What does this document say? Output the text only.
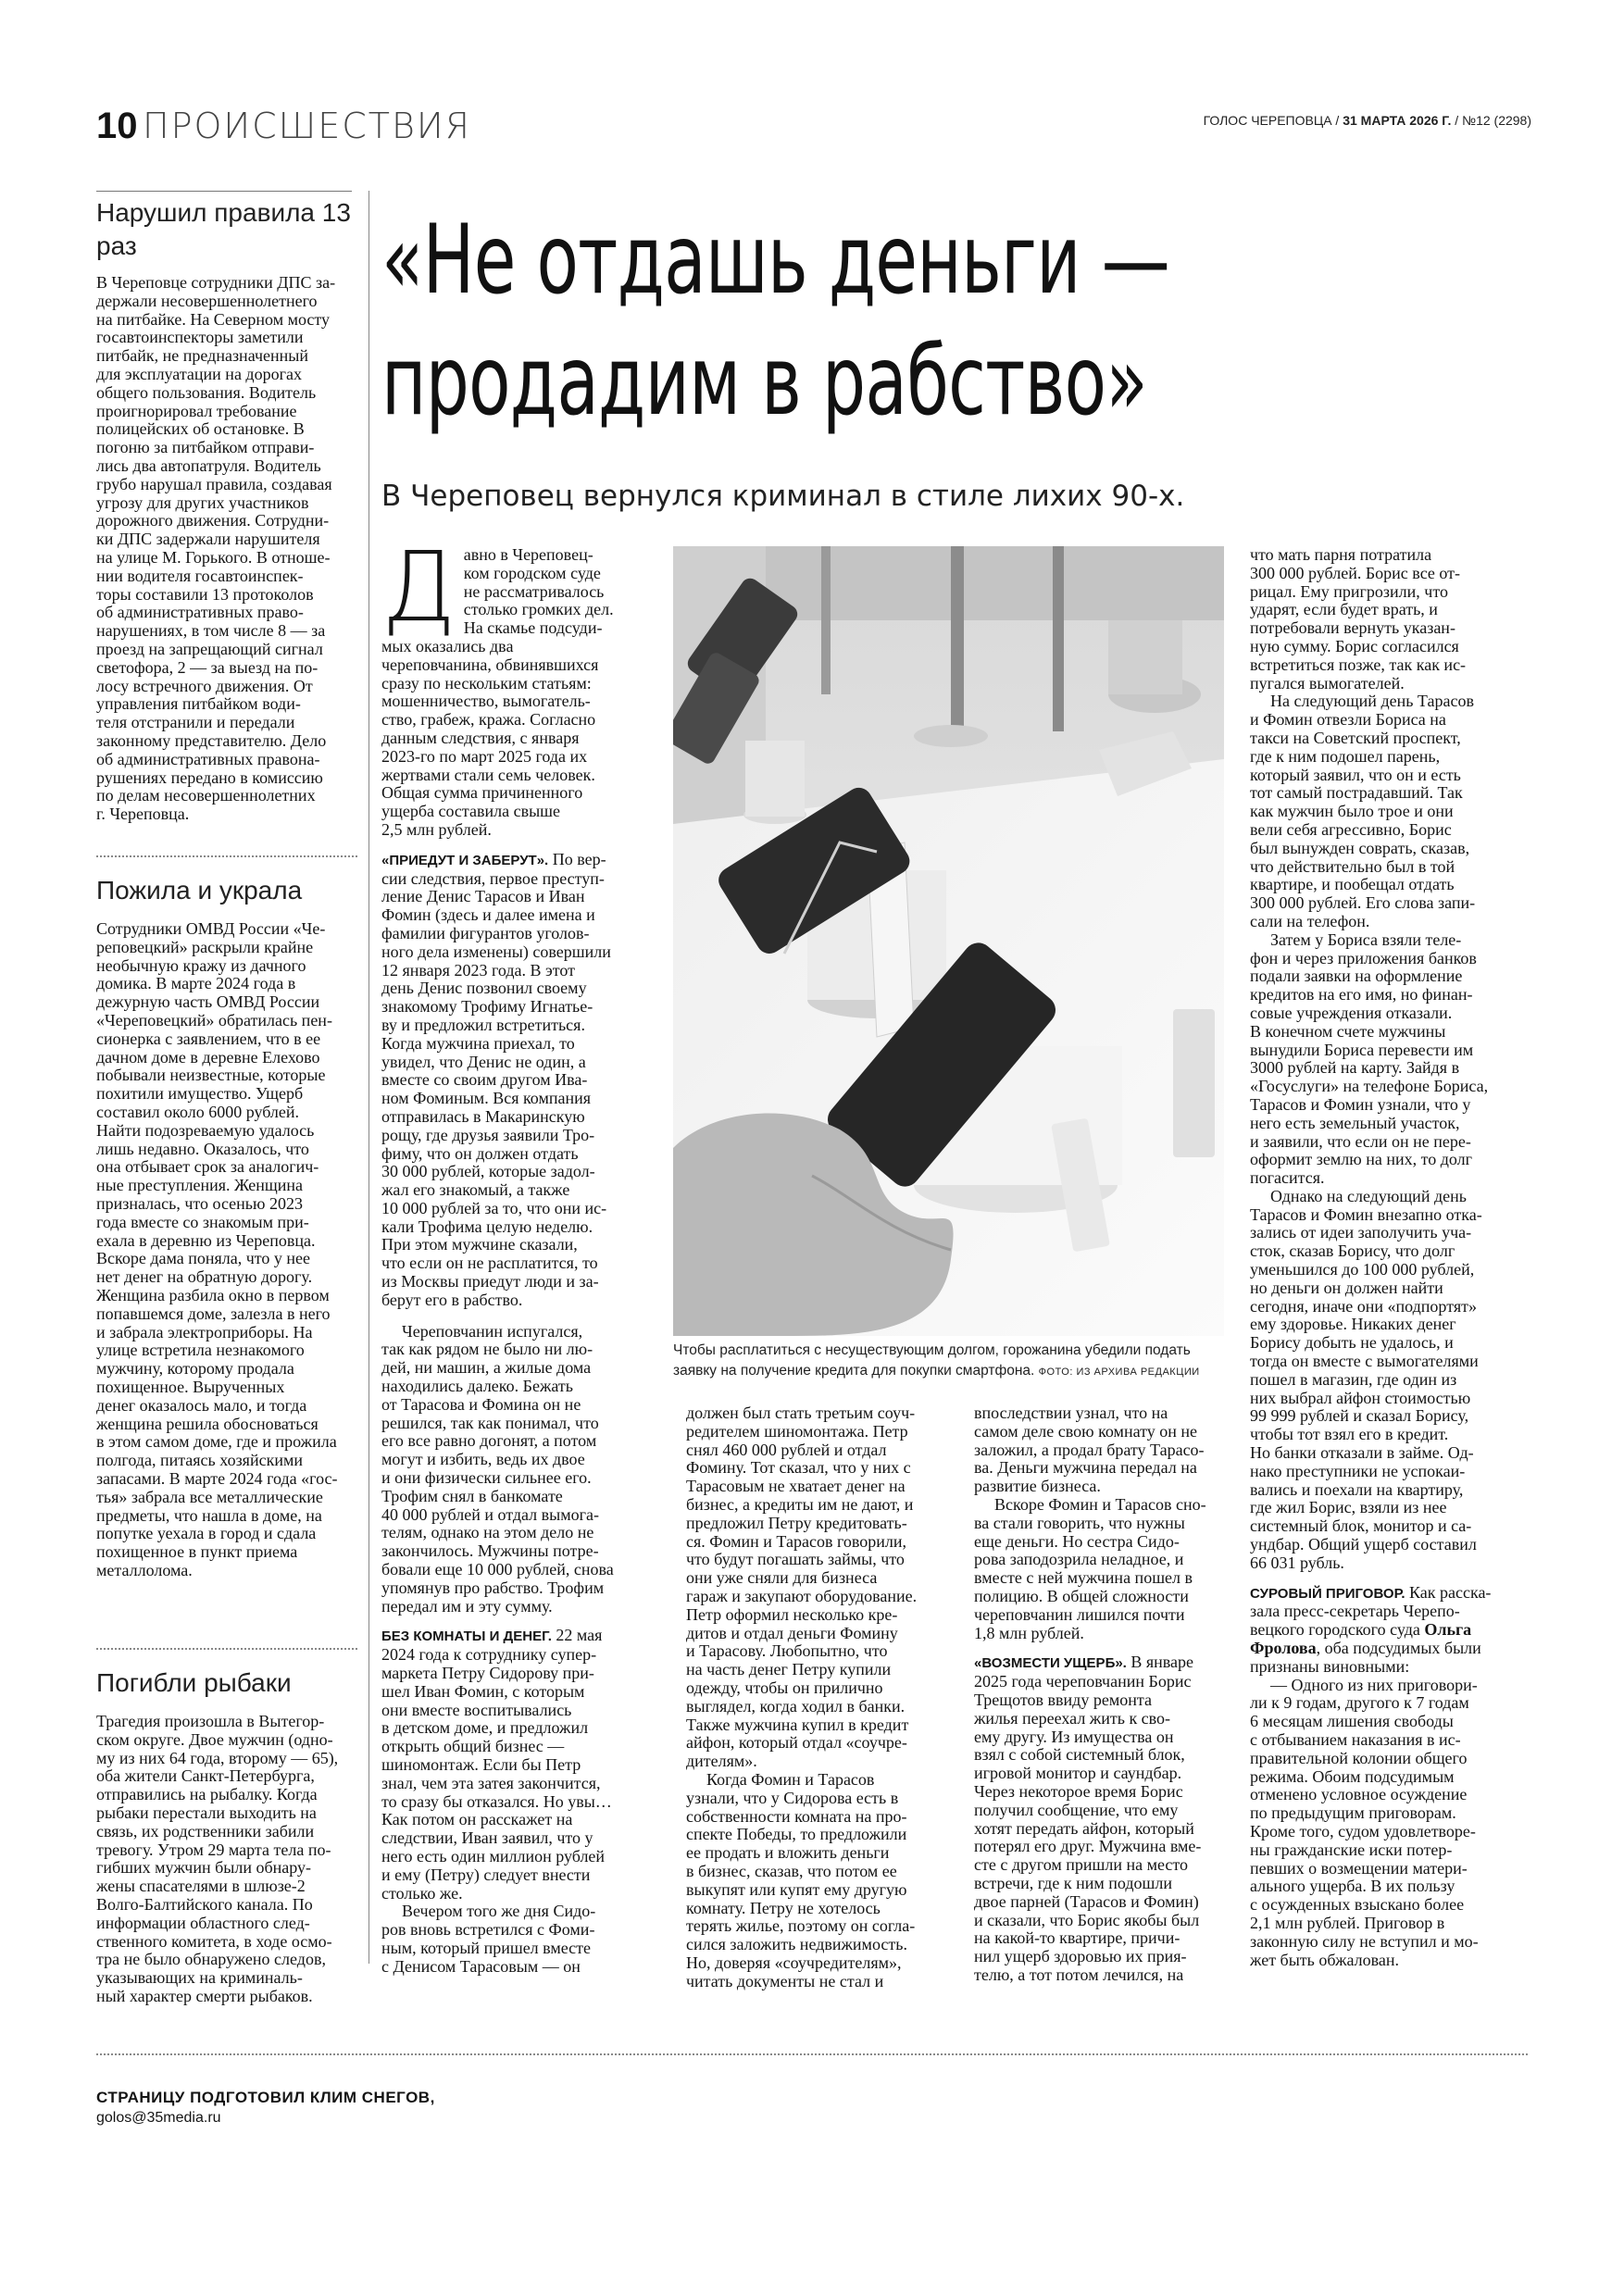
10 ПРОИСШЕСТВИЯ	ГОЛОС ЧЕРЕПОВЦА / 31 МАРТА 2026 Г. / №12 (2298)
Нарушил правила 13 раз
В Череповце сотрудники ДПС за-
держали несовершеннолетнего
на питбайке. На Северном мосту
госавтоинспекторы заметили
питбайк, не предназначенный
для эксплуатации на дорогах
общего пользования. Водитель
проигнорировал требование
полицейских об остановке. В
погоню за питбайком отправи-
лись два автопатруля. Водитель
грубо нарушал правила, создавая
угрозу для других участников
дорожного движения. Сотрудни-
ки ДПС задержали нарушителя
на улице М. Горького. В отноше-
нии водителя госавтоинспек-
торы составили 13 протоколов
об административных право-
нарушениях, в том числе 8 — за
проезд на запрещающий сигнал
светофора, 2 — за выезд на по-
лосу встречного движения. От
управления питбайком води-
теля отстранили и передали
законному представителю. Дело
об административных правона-
рушениях передано в комиссию
по делам несовершеннолетних
г. Череповца.
Пожила и украла
Сотрудники ОМВД России «Че-
реповецкий» раскрыли крайне
необычную кражу из дачного
домика. В марте 2024 года в
дежурную часть ОМВД России
«Череповецкий» обратилась пен-
сионерка с заявлением, что в ее
дачном доме в деревне Елехово
побывали неизвестные, которые
похитили имущество. Ущерб
составил около 6000 рублей.
Найти подозреваемую удалось
лишь недавно. Оказалось, что
она отбывает срок за аналогич-
ные преступления. Женщина
призналась, что осенью 2023
года вместе со знакомым при-
ехала в деревню из Череповца.
Вскоре дама поняла, что у нее
нет денег на обратную дорогу.
Женщина разбила окно в первом
попавшемся доме, залезла в него
и забрала электроприборы. На
улице встретила незнакомого
мужчину, которому продала
похищенное. Вырученных
денег оказалось мало, и тогда
женщина решила обосноваться
в этом самом доме, где и прожила
полгода, питаясь хозяйскими
запасами. В марте 2024 года «гос-
тья» забрала все металлические
предметы, что нашла в доме, на
попутке уехала в город и сдала
похищенное в пункт приема
металлолома.
Погибли рыбаки
Трагедия произошла в Вытегор-
ском округе. Двое мужчин (одно-
му из них 64 года, второму — 65),
оба жители Санкт-Петербурга,
отправились на рыбалку. Когда
рыбаки перестали выходить на
связь, их родственники забили
тревогу. Утром 29 марта тела по-
гибших мужчин были обнару-
жены спасателями в шлюзе-2
Волго-Балтийского канала. По
информации областного след-
ственного комитета, в ходе осмо-
тра не было обнаружено следов,
указывающих на криминаль-
ный характер смерти рыбаков.
«Не отдашь деньги —
продадим в рабство»
В Череповец вернулся криминал в стиле лихих 90-х.
Д авно в Череповец-
ком городском суде
не рассматривалось
столько громких дел.
На скамье подсуди-
мых оказались два
череповчанина, обвинявшихся
сразу по нескольким статьям:
мошенничество, вымогатель-
ство, грабеж, кража. Согласно
данным следствия, с января
2023-го по март 2025 года их
жертвами стали семь человек.
Общая сумма причиненного
ущерба составила свыше
2,5 млн рублей.

«ПРИЕДУТ И ЗАБЕРУТ». По вер-
сии следствия, первое преступ-
ление Денис Тарасов и Иван
Фомин (здесь и далее имена и
фамилии фигурантов уголов-
ного дела изменены) совершили
12 января 2023 года. В этот
день Денис позвонил своему
знакомому Трофиму Игнатье-
ву и предложил встретиться.
Когда мужчина приехал, то
увидел, что Денис не один, а
вместе со своим другом Ива-
ном Фоминым. Вся компания
отправилась в Макаринскую
рощу, где друзья заявили Тро-
фиму, что он должен отдать
30 000 рублей, которые задол-
жал его знакомый, а также
10 000 рублей за то, что они ис-
кали Трофима целую неделю.
При этом мужчине сказали,
что если он не расплатится, то
из Москвы приедут люди и за-
берут его в рабство.

Череповчанин испугался,
так как рядом не было ни лю-
дей, ни машин, а жилые дома
находились далеко. Бежать
от Тарасова и Фомина он не
решился, так как понимал, что
его все равно догонят, а потом
могут и избить, ведь их двое
и они физически сильнее его.
Трофим снял в банкомате
40 000 рублей и отдал вымога-
телям, однако на этом дело не
закончилось. Мужчины потре-
бовали еще 10 000 рублей, снова
упомянув про рабство. Трофим
передал им и эту сумму.

БЕЗ КОМНАТЫ И ДЕНЕГ. 22 мая
2024 года к сотруднику супер-
маркета Петру Сидорову при-
шел Иван Фомин, с которым
они вместе воспитывались
в детском доме, и предложил
открыть общий бизнес —
шиномонтаж. Если бы Петр
знал, чем эта затея закончится,
то сразу бы отказался. Но увы…
Как потом он расскажет на
следствии, Иван заявил, что у
него есть один миллион рублей
и ему (Петру) следует внести
столько же.

Вечером того же дня Сидо-
ров вновь встретился с Фоми-
ным, который пришел вместе
с Денисом Тарасовым — он

Чтобы расплатиться с несуществующим долгом, горожанина убедили подать заявку на получение кредита для покупки смартфона. ФОТО: ИЗ АРХИВА РЕДАКЦИИ

должен был стать третьим соуч-
редителем шиномонтажа. Петр
снял 460 000 рублей и отдал
Фомину. Тот сказал, что у них с
Тарасовым не хватает денег на
бизнес, а кредиты им не дают, и
предложил Петру кредитовать-
ся. Фомин и Тарасов говорили,
что будут погашать займы, что
они уже сняли для бизнеса
гараж и закупают оборудование.
Петр оформил несколько кре-
дитов и отдал деньги Фомину
и Тарасову. Любопытно, что
на часть денег Петру купили
одежду, чтобы он прилично
выглядел, когда ходил в банки.
Также мужчина купил в кредит
айфон, который отдал «соучре-
дителям».

Когда Фомин и Тарасов
узнали, что у Сидорова есть в
собственности комната на про-
спекте Победы, то предложили
ее продать и вложить деньги
в бизнес, сказав, что потом ее
выкупят или купят ему другую
комнату. Петру не хотелось
терять жилье, поэтому он согла-
сился заложить недвижимость.
Но, доверяя «соучредителям»,
читать документы не стал и

впоследствии узнал, что на
самом деле свою комнату он не
заложил, а продал брату Тарасо-
ва. Деньги мужчина передал на
развитие бизнеса.

Вскоре Фомин и Тарасов сно-
ва стали говорить, что нужны
еще деньги. Но сестра Сидо-
рова заподозрила неладное, и
вместе с ней мужчина пошел в
полицию. В общей сложности
череповчанин лишился почти
1,8 млн рублей.

«ВОЗМЕСТИ УЩЕРБ». В январе
2025 года череповчанин Борис
Трещотов ввиду ремонта
жилья переехал жить к сво-
ему другу. Из имущества он
взял с собой системный блок,
игровой монитор и саундбар.
Через некоторое время Борис
получил сообщение, что ему
хотят передать айфон, который
потерял его друг. Мужчина вме-
сте с другом пришли на место
встречи, где к ним подошли
двое парней (Тарасов и Фомин)
и сказали, что Борис якобы был
на какой-то квартире, причи-
нил ущерб здоровью их прия-
телю, а тот потом лечился, на

что мать парня потратила
300 000 рублей. Борис все от-
рицал. Ему пригрозили, что
ударят, если будет врать, и
потребовали вернуть указан-
ную сумму. Борис согласился
встретиться позже, так как ис-
пугался вымогателей.

На следующий день Тарасов
и Фомин отвезли Бориса на
такси на Советский проспект,
где к ним подошел парень,
который заявил, что он и есть
тот самый пострадавший. Так
как мужчин было трое и они
вели себя агрессивно, Борис
был вынужден соврать, сказав,
что действительно был в той
квартире, и пообещал отдать
300 000 рублей. Его слова запи-
сали на телефон.

Затем у Бориса взяли теле-
фон и через приложения банков
подали заявки на оформление
кредитов на его имя, но финан-
совые учреждения отказали.
В конечном счете мужчины
вынудили Бориса перевести им
3000 рублей на карту. Зайдя в
«Госуслуги» на телефоне Бориса,
Тарасов и Фомин узнали, что у
него есть земельный участок,
и заявили, что если он не пере-
оформит землю на них, то долг
погасится.

Однако на следующий день
Тарасов и Фомин внезапно отка-
зались от идеи заполучить уча-
сток, сказав Борису, что долг
уменьшился до 100 000 рублей,
но деньги он должен найти
сегодня, иначе они «подпортят»
ему здоровье. Никаких денег
Борису добыть не удалось, и
тогда он вместе с вымогателями
пошел в магазин, где один из
них выбрал айфон стоимостью
99 999 рублей и сказал Борису,
чтобы тот взял его в кредит.
Но банки отказали в займе. Од-
нако преступники не успокаи-
вались и поехали на квартиру,
где жил Борис, взяли из нее
системный блок, монитор и са-
ундбар. Общий ущерб составил
66 031 рубль.

СУРОВЫЙ ПРИГОВОР. Как расска-
зала пресс-секретарь Черепо-
вецкого городского суда Ольга Фролова, оба подсудимых были
признаны виновными:

— Одного из них приговори-
ли к 9 годам, другого к 7 годам
6 месяцам лишения свободы
с отбыванием наказания в ис-
правительной колонии общего
режима. Обоим подсудимым
отменено условное осуждение
по предыдущим приговорам.
Кроме того, судом удовлетворе-
ны гражданские иски потер-
певших о возмещении матери-
ального ущерба. В их пользу
с осужденных взыскано более
2,1 млн рублей. Приговор в
законную силу не вступил и мо-
жет быть обжалован.

СТРАНИЦУ ПОДГОТОВИЛ КЛИМ СНЕГОВ,
golos@35media.ru
